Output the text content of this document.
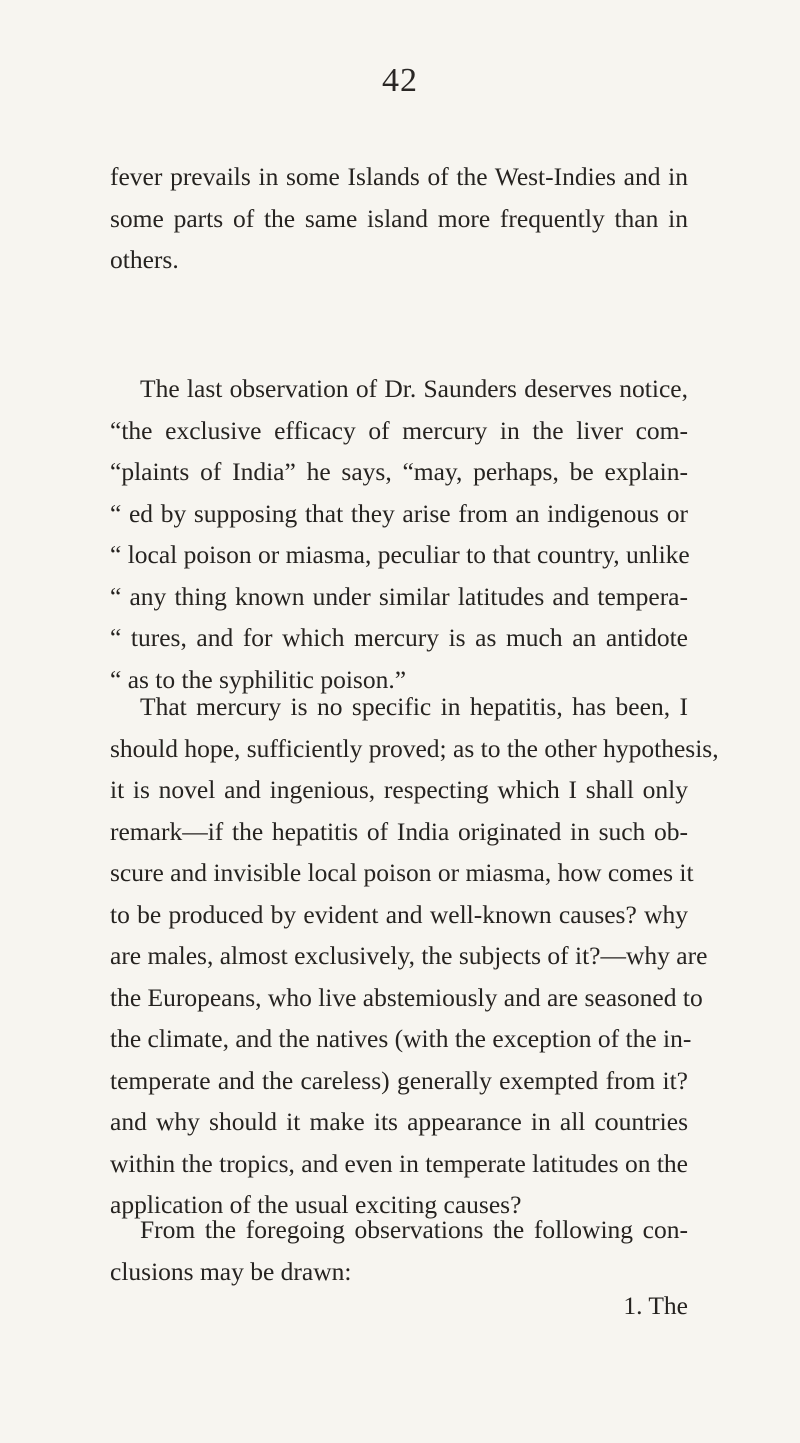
42
fever prevails in some Islands of the West-Indies and in
some parts of the same island more frequently than in
others.
The last observation of Dr. Saunders deserves notice,
“the exclusive efficacy of mercury in the liver com-
“plaints of India” he says, “may, perhaps, be explain-
“ ed by supposing that they arise from an indigenous or
“ local poison or miasma, peculiar to that country, unlike
“ any thing known under similar latitudes and tempera-
“ tures, and for which mercury is as much an antidote
“ as to the syphilitic poison.”
That mercury is no specific in hepatitis, has been, I
should hope, sufficiently proved; as to the other hypothesis,
it is novel and ingenious, respecting which I shall only
remark—if the hepatitis of India originated in such ob-
scure and invisible local poison or miasma, how comes it
to be produced by evident and well-known causes? why
are males, almost exclusively, the subjects of it?—why are
the Europeans, who live abstemiously and are seasoned to
the climate, and the natives (with the exception of the in-
temperate and the careless) generally exempted from it?
and why should it make its appearance in all countries
within the tropics, and even in temperate latitudes on the
application of the usual exciting causes?
From the foregoing observations the following con-
clusions may be drawn:
1. The
